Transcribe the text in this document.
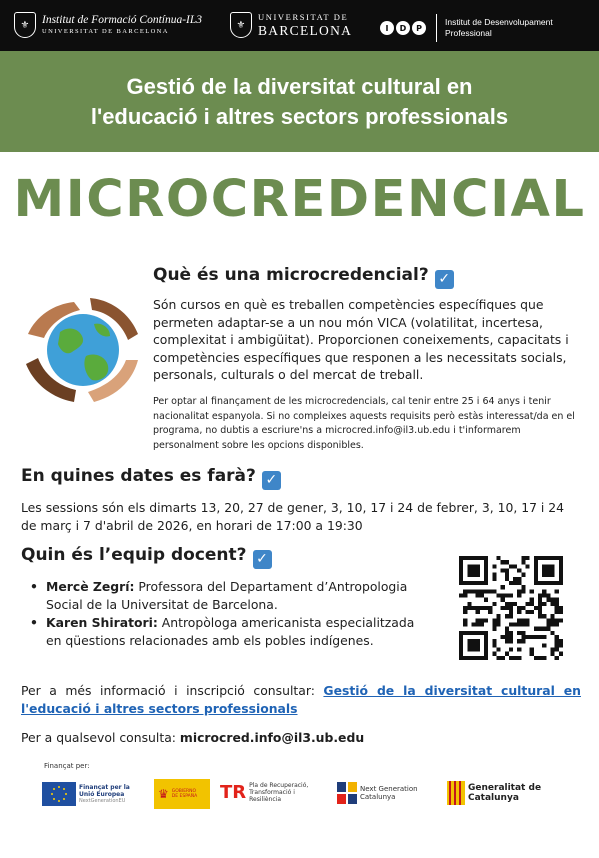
⚜	Institut de Formació Contínua-IL3
UNIVERSITAT DE BARCELONA
⚜
UNIVERSITAT DE
BARCELONA	I	D	P
Institut de Desenvolupament
Professional
Gestió de la diversitat cultural en
l'educació i altres sectors professionals
MICROCREDENCIAL
Què és una microcredencial? ✓
Són cursos en què es treballen competències específiques que permeten adaptar-se a un nou món VICA (volatilitat, incertesa, complexitat i ambigüitat). Proporcionen coneixements, capacitats i competències específiques que responen a les necessitats socials, personals, culturals o del mercat de treball.
Per optar al finançament de les microcredencials, cal tenir entre 25 i 64 anys i tenir nacionalitat espanyola. Si no compleixes aquests requisits però estàs interessat/da en el programa, no dubtis a escriure'ns a microcred.info@il3.ub.edu i t'informarem personalment sobre les opcions disponibles.
En quines dates es farà? ✓
Les sessions són els dimarts 13, 20, 27 de gener, 3, 10, 17 i 24 de febrer, 3, 10, 17 i 24 de març i 7 d'abril de 2026, en horari de 17:00 a 19:30
Quin és l’equip docent? ✓
• Mercè Zegrí: Professora del Departament d’Antropologia Social de la Universitat de Barcelona.
• Karen Shiratori: Antropòloga americanista especialitzada en qüestions relacionades amb els pobles indígenes.
Per a més informació i inscripció consultar: Gestió de la diversitat cultural en l'educació i altres sectors professionals
Per a qualsevol consulta: microcred.info@il3.ub.edu
Finançat per:
Finançat per la Unió Europea
NextGenerationEU	♛ GOBIERNO DE ESPAÑA TR Pla de Recuperació, Transformació i Resiliència
Next Generation Catalunya
Generalitat de Catalunya
